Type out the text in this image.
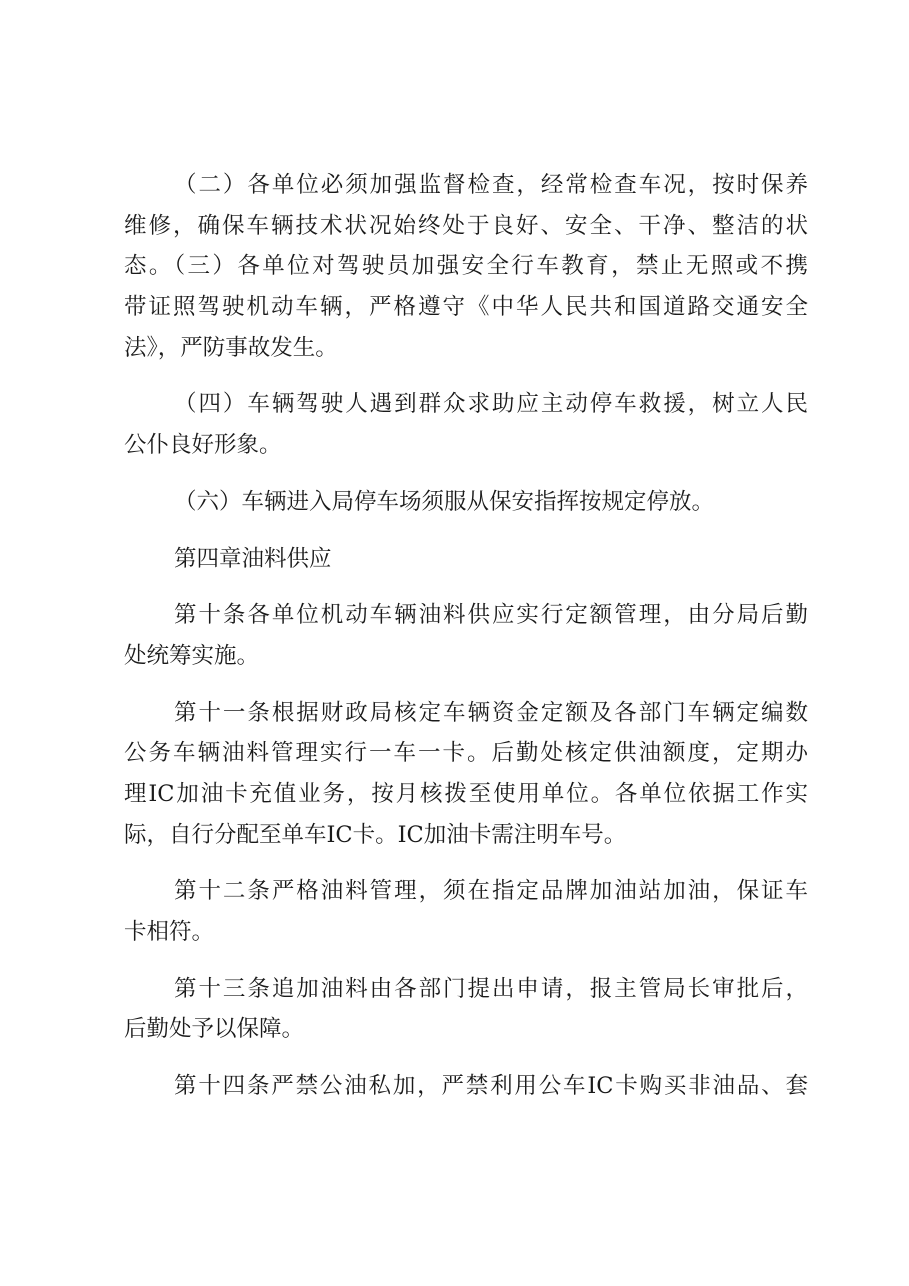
（二）各单位必须加强监督检查，经常检查车况，按时保养
维修，确保车辆技术状况始终处于良好、安全、干净、整洁的状
态。（三）各单位对驾驶员加强安全行车教育，禁止无照或不携
带证照驾驶机动车辆，严格遵守《中华人民共和国道路交通安全
法》，严防事故发生。
（四）车辆驾驶人遇到群众求助应主动停车救援，树立人民
公仆良好形象。
（六）车辆进入局停车场须服从保安指挥按规定停放。
第四章油料供应
第十条各单位机动车辆油料供应实行定额管理，由分局后勤
处统筹实施。
第十一条根据财政局核定车辆资金定额及各部门车辆定编数
公务车辆油料管理实行一车一卡。后勤处核定供油额度，定期办
理IC加油卡充值业务，按月核拨至使用单位。各单位依据工作实
际，自行分配至单车IC卡。IC加油卡需注明车号。
第十二条严格油料管理，须在指定品牌加油站加油，保证车
卡相符。
第十三条追加油料由各部门提出申请，报主管局长审批后，
后勤处予以保障。
第十四条严禁公油私加，严禁利用公车IC卡购买非油品、套
